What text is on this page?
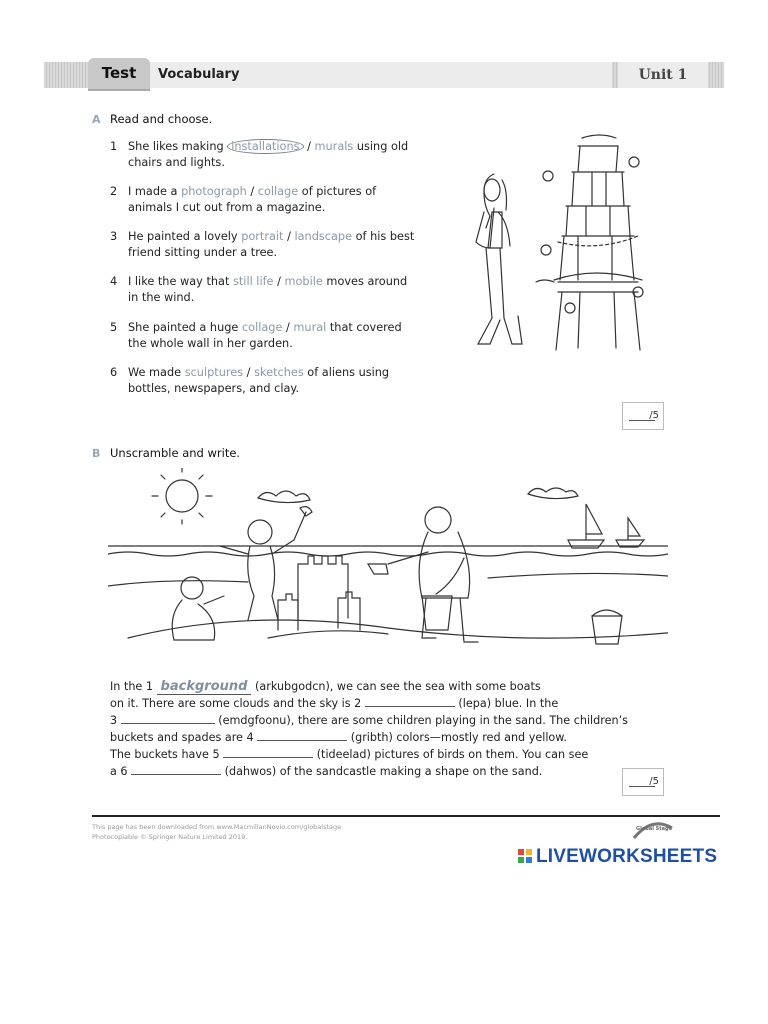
Vocabulary	Unit 1
Test
A Read and choose.
1 She likes making installations / murals using old
chairs and lights.
2 I made a photograph / collage of pictures of
animals I cut out from a magazine.
3 He painted a lovely portrait / landscape of his best
friend sitting under a tree.
4 I like the way that still life / mobile moves around
in the wind.
5 She painted a huge collage / mural that covered
the whole wall in her garden.
6 We made sculptures / sketches of aliens using
bottles, newspapers, and clay.
/5
B Unscramble and write.
In the 1 background (arkubgodcn), we can see the sea with some boats
on it. There are some clouds and the sky is 2	(lepa) blue. In the
3	(emdgfoonu), there are some children playing in the sand. The children’s
buckets and spades are 4	(gribth) colors—mostly red and yellow.
The buckets have 5	(tideelad) pictures of birds on them. You can see
a 6	(dahwos) of the sandcastle making a shape on the sand.
/5
This page has been downloaded from www.MacmillanNovio.com/globalstage
Photocopiable © Springer Nature Limited 2019.
Global Stage
LIVEWORKSHEETS
